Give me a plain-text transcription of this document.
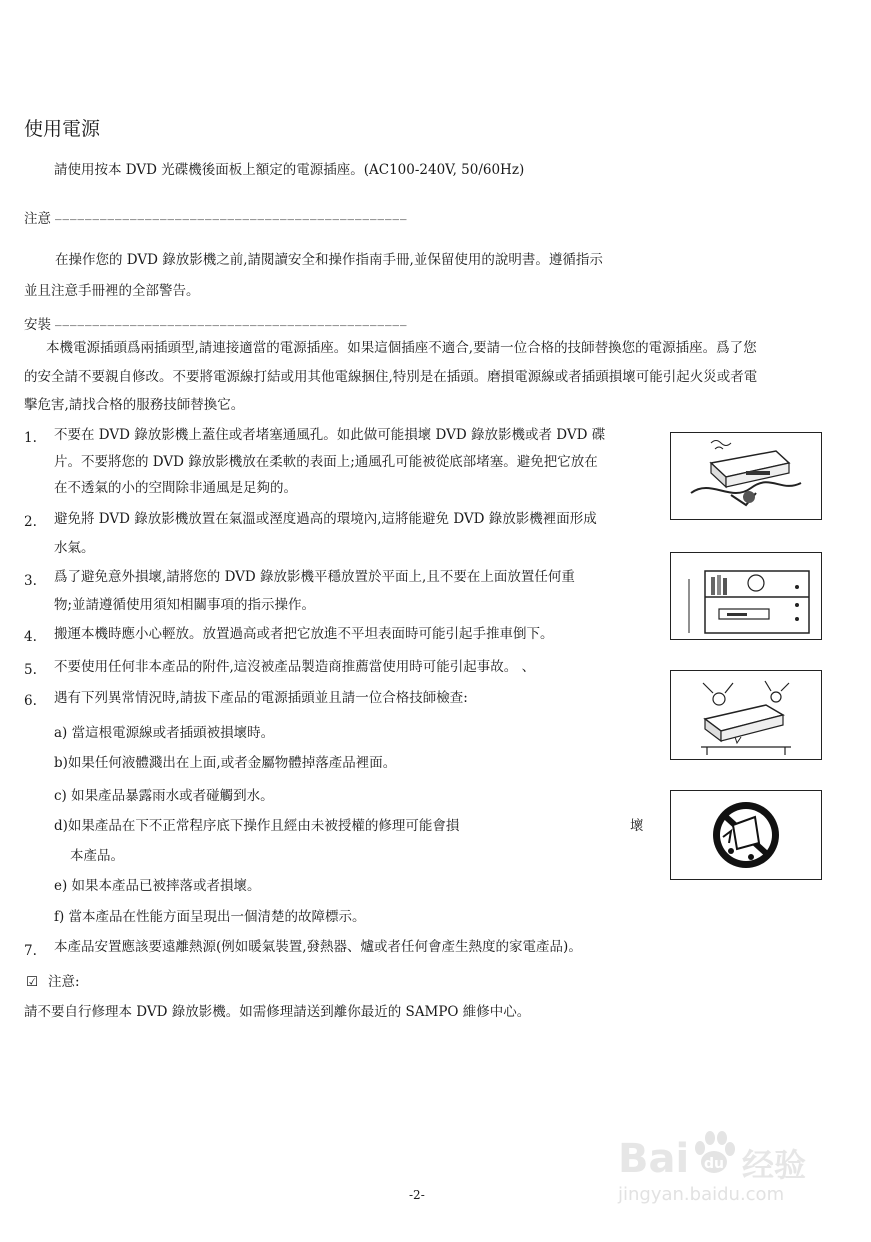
使用電源
請使用按本 DVD 光碟機後面板上額定的電源插座。(AC100-240V, 50/60Hz)
注意 _______________________________________________
在操作您的 DVD 錄放影機之前,請閱讀安全和操作指南手冊,並保留使用的說明書。遵循指示
並且注意手冊裡的全部警告。
安裝 _______________________________________________
本機電源插頭爲兩插頭型,請連接適當的電源插座。如果這個插座不適合,要請一位合格的技師替換您的電源插座。爲了您
的安全請不要親自修改。不要將電源線打結或用其他電線捆住,特別是在插頭。磨損電源線或者插頭損壞可能引起火災或者電
擊危害,請找合格的服務技師替換它。
1.	不要在 DVD 錄放影機上蓋住或者堵塞通風孔。如此做可能損壞 DVD 錄放影機或者 DVD 碟
片。不要將您的 DVD 錄放影機放在柔軟的表面上;通風孔可能被從底部堵塞。避免把它放在
在不透氣的小的空間除非通風是足夠的。
2.	避免將 DVD 錄放影機放置在氣溫或溼度過高的環境內,這將能避免 DVD 錄放影機裡面形成
水氣。
3.	爲了避免意外損壞,請將您的 DVD 錄放影機平穩放置於平面上,且不要在上面放置任何重
物;並請遵循使用須知相關事項的指示操作。
4.	搬運本機時應小心輕放。放置過高或者把它放進不平坦表面時可能引起手推車倒下。
5.	不要使用任何非本產品的附件,這沒被產品製造商推薦當使用時可能引起事故。 、
6.	遇有下列異常情況時,請拔下產品的電源插頭並且請一位合格技師檢查:
a) 當這根電源線或者插頭被損壞時。
b)如果任何液體濺出在上面,或者金屬物體掉落產品裡面。
c) 如果產品暴露雨水或者碰觸到水。
d)如果產品在下不正常程序底下操作且經由未被授權的修理可能會損	壞
本產品。
e) 如果本產品已被摔落或者損壞。
f) 當本產品在性能方面呈現出一個清楚的故障標示。
7.	本產品安置應該要遠離熱源(例如暖氣裝置,發熱器、爐或者任何會產生熱度的家電產品)。
☑ 注意:
請不要自行修理本 DVD 錄放影機。如需修理請送到離你最近的 SAMPO 維修中心。
-2-
Bai du 经验
jingyan.baidu.com
